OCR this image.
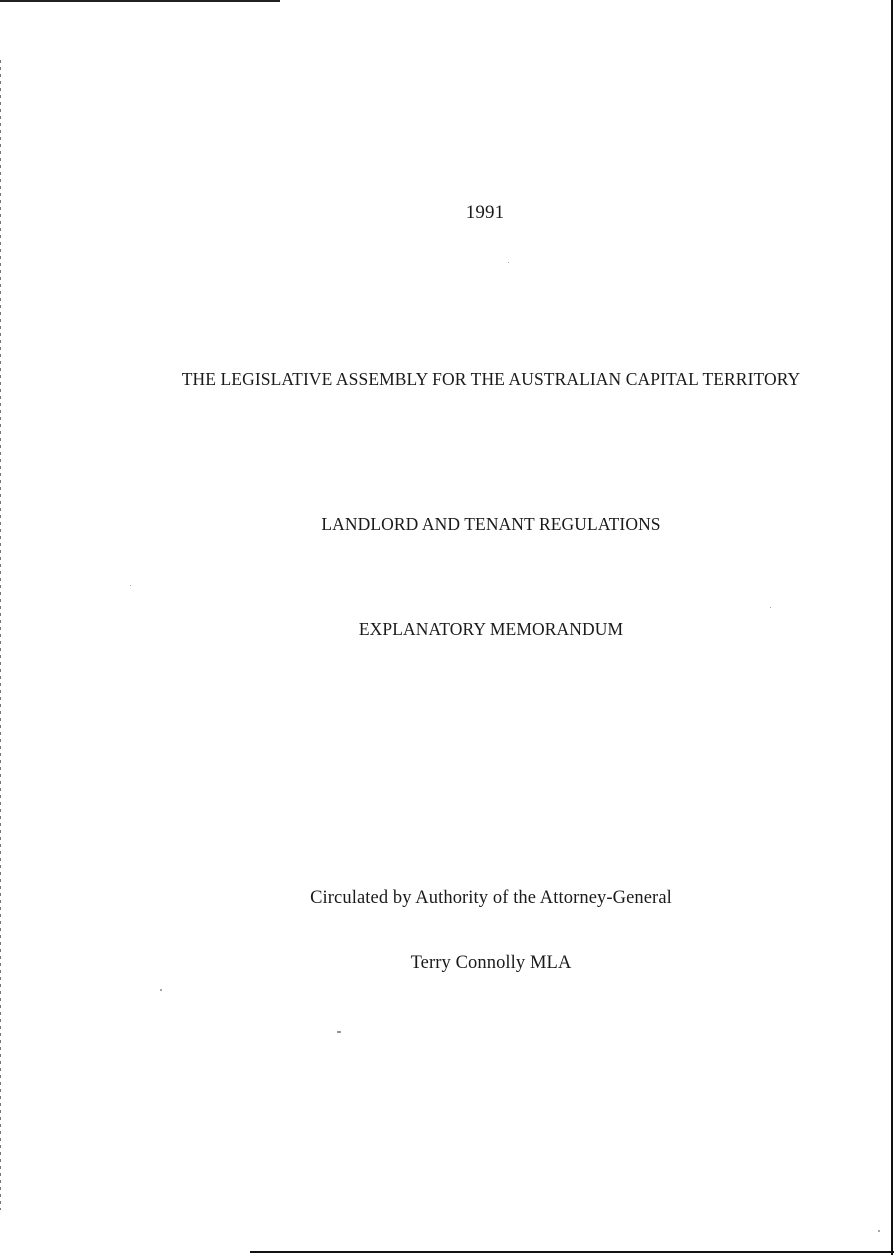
1991
THE LEGISLATIVE ASSEMBLY FOR THE AUSTRALIAN CAPITAL TERRITORY
LANDLORD AND TENANT REGULATIONS
EXPLANATORY MEMORANDUM
Circulated by Authority of the Attorney-General
Terry Connolly MLA
